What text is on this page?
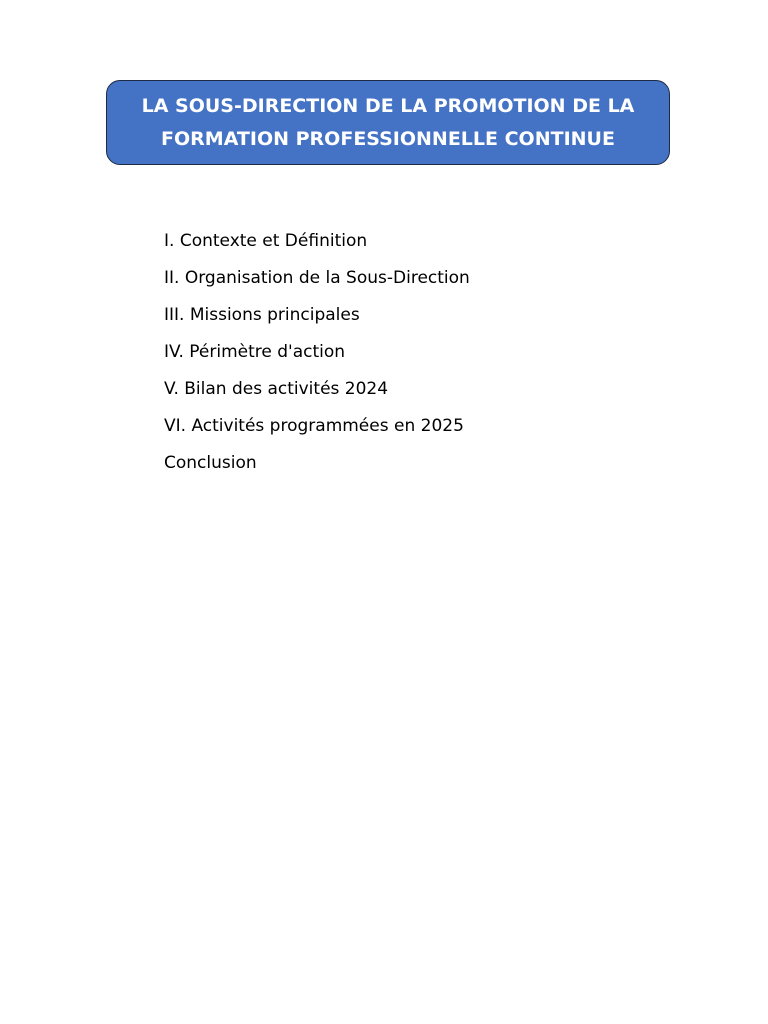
LA SOUS-DIRECTION DE LA PROMOTION DE LA
FORMATION PROFESSIONNELLE CONTINUE
I. Contexte et Définition
II. Organisation de la Sous-Direction
III. Missions principales
IV. Périmètre d'action
V. Bilan des activités 2024
VI. Activités programmées en 2025
Conclusion
